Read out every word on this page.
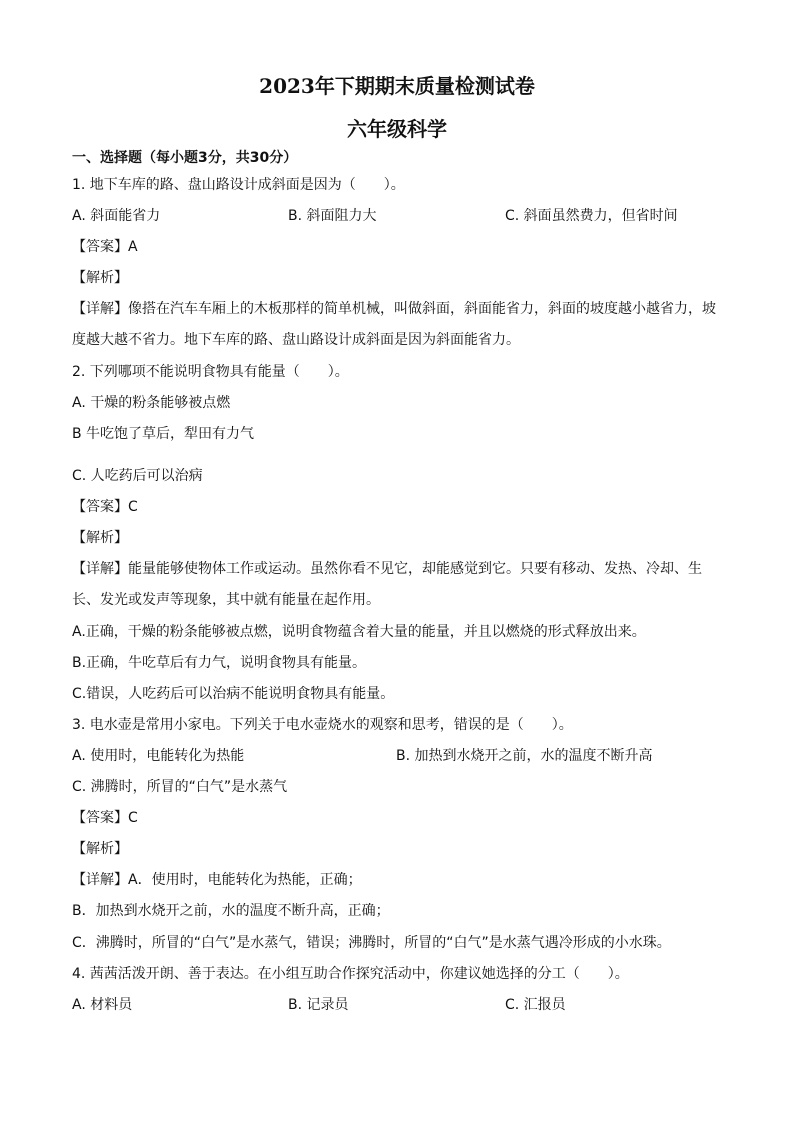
2023年下期期末质量检测试卷
六年级科学
一、选择题（每小题3分，共30分）
1. 地下车库的路、盘山路设计成斜面是因为（　　）。
A. 斜面能省力	B. 斜面阻力大	C. 斜面虽然费力，但省时间
【答案】A
【解析】
【详解】像搭在汽车车厢上的木板那样的简单机械，叫做斜面，斜面能省力，斜面的坡度越小越省力，坡
度越大越不省力。地下车库的路、盘山路设计成斜面是因为斜面能省力。
2. 下列哪项不能说明食物具有能量（　　）。
A. 干燥的粉条能够被点燃
B 牛吃饱了草后，犁田有力气
C. 人吃药后可以治病
【答案】C
【解析】
【详解】能量能够使物体工作或运动。虽然你看不见它，却能感觉到它。只要有移动、发热、冷却、生
长、发光或发声等现象，其中就有能量在起作用。
A.正确，干燥的粉条能够被点燃，说明食物蕴含着大量的能量，并且以燃烧的形式释放出来。
B.正确，牛吃草后有力气，说明食物具有能量。
C.错误，人吃药后可以治病不能说明食物具有能量。
3. 电水壶是常用小家电。下列关于电水壶烧水的观察和思考，错误的是（　　）。
A. 使用时，电能转化为热能	B. 加热到水烧开之前，水的温度不断升高
C. 沸腾时，所冒的“白气”是水蒸气
【答案】C
【解析】
【详解】A．使用时，电能转化为热能，正确；
B．加热到水烧开之前，水的温度不断升高，正确；
C．沸腾时，所冒的“白气”是水蒸气，错误；沸腾时，所冒的“白气”是水蒸气遇冷形成的小水珠。
4. 茜茜活泼开朗、善于表达。在小组互助合作探究活动中，你建议她选择的分工（　　）。
A. 材料员	B. 记录员	C. 汇报员
